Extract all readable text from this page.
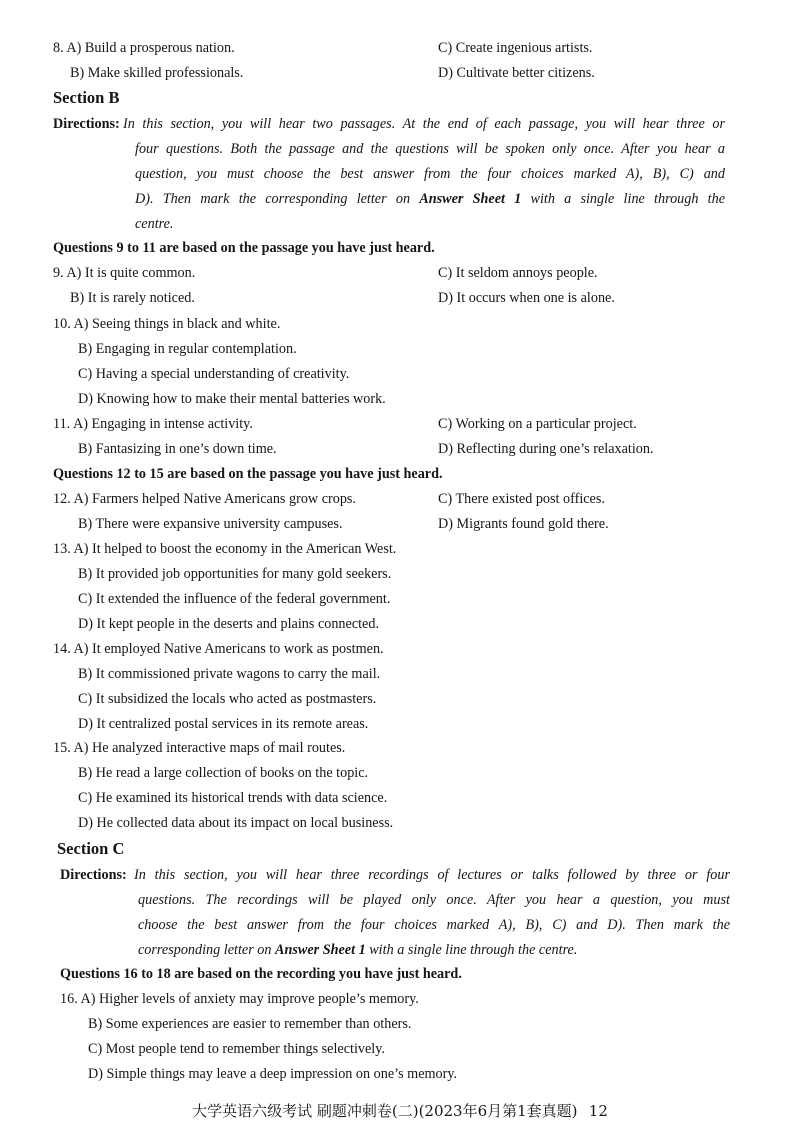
8. A) Build a prosperous nation.	C) Create ingenious artists.
B) Make skilled professionals.	D) Cultivate better citizens.
Section B
Directions: In this section, you will hear two passages. At the end of each passage, you will hear three or
four questions. Both the passage and the questions will be spoken only once. After you hear a
question, you must choose the best answer from the four choices marked A), B), C) and
D). Then mark the corresponding letter on Answer Sheet 1 with a single line through the
centre.
Questions 9 to 11 are based on the passage you have just heard.
9. A) It is quite common.	C) It seldom annoys people.
B) It is rarely noticed.	D) It occurs when one is alone.
10. A) Seeing things in black and white.
B) Engaging in regular contemplation.
C) Having a special understanding of creativity.
D) Knowing how to make their mental batteries work.
11. A) Engaging in intense activity.	C) Working on a particular project.
B) Fantasizing in one’s down time.	D) Reflecting during one’s relaxation.
Questions 12 to 15 are based on the passage you have just heard.
12. A) Farmers helped Native Americans grow crops.	C) There existed post offices.
B) There were expansive university campuses.	D) Migrants found gold there.
13. A) It helped to boost the economy in the American West.
B) It provided job opportunities for many gold seekers.
C) It extended the influence of the federal government.
D) It kept people in the deserts and plains connected.
14. A) It employed Native Americans to work as postmen.
B) It commissioned private wagons to carry the mail.
C) It subsidized the locals who acted as postmasters.
D) It centralized postal services in its remote areas.
15. A) He analyzed interactive maps of mail routes.
B) He read a large collection of books on the topic.
C) He examined its historical trends with data science.
D) He collected data about its impact on local business.
Section C
Directions: In this section, you will hear three recordings of lectures or talks followed by three or four
questions. The recordings will be played only once. After you hear a question, you must
choose the best answer from the four choices marked A), B), C) and D). Then mark the
corresponding letter on Answer Sheet 1 with a single line through the centre.
Questions 16 to 18 are based on the recording you have just heard.
16. A) Higher levels of anxiety may improve people’s memory.
B) Some experiences are easier to remember than others.
C) Most people tend to remember things selectively.
D) Simple things may leave a deep impression on one’s memory.
大学英语六级考试 刷题冲刺卷(二)(2023年6月第1套真题) 12
